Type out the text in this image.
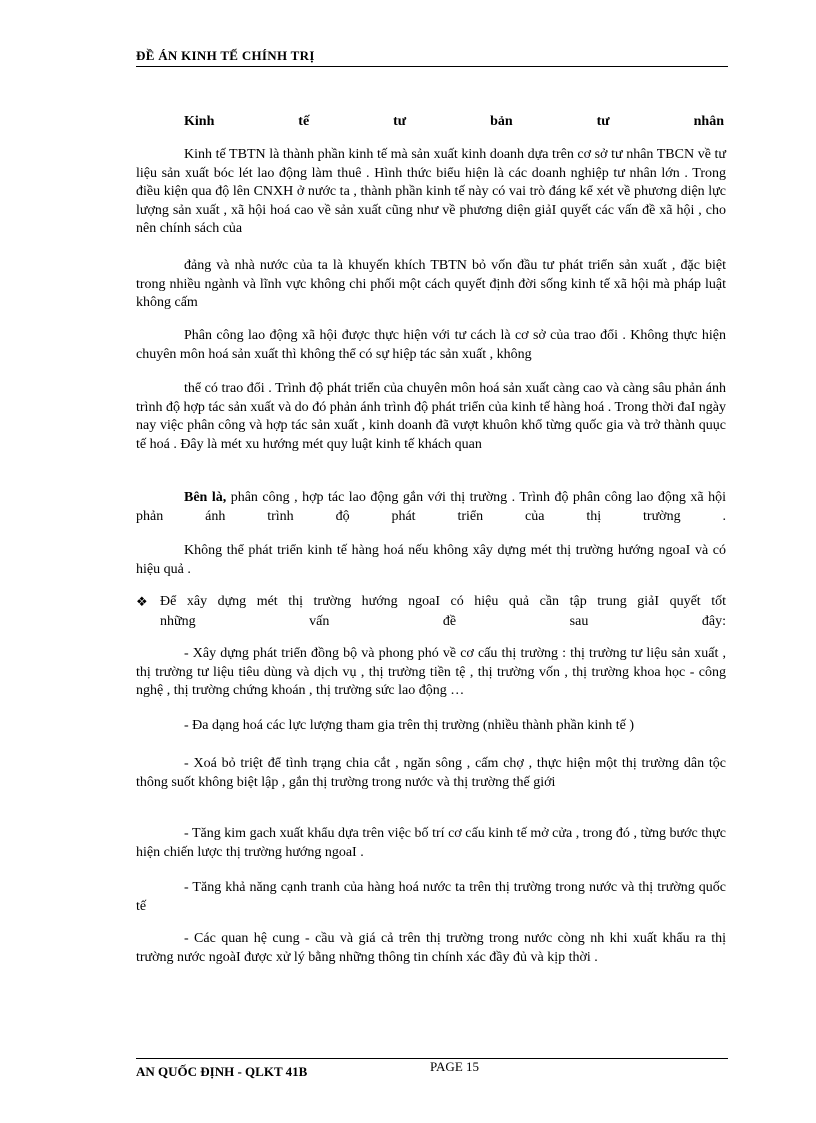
ĐỀ ÁN KINH TẾ CHÍNH TRỊ
Kinh tế tư bản tư nhân
Kinh tế TBTN là thành phần kinh tế mà sản xuất kinh doanh dựa trên cơ sở tư nhân TBCN về tư liệu sản xuất bóc lét lao động làm thuê . Hình thức biểu hiện là các doanh nghiệp tư nhân lớn . Trong điều kiện qua độ lên CNXH ở nước ta , thành phần kinh tế này có vai trò đáng kể xét về phương diện lực lượng sản xuất , xã hội hoá cao về sản xuất cũng như về phương diện giảI quyết các vấn đề xã hội , cho nên chính sách của
đảng và nhà nước của ta là khuyến khích TBTN bỏ vốn đầu tư phát triển sản xuất , đặc biệt trong nhiều ngành và lĩnh vực không chi phối một cách quyết định đời sống kinh tế xã hội mà pháp luật không cấm
Phân công lao động xã hội được thực hiện với tư cách là cơ sở của trao đổi . Không thực hiện chuyên môn hoá sản xuất thì không thể có sự hiệp tác sản xuất , không
thể có trao đổi . Trình độ phát triển của chuyên môn hoá sản xuất càng cao và càng sâu phản ánh trình độ hợp tác sản xuất và do đó phản ánh trình độ phát triển của kinh tế hàng hoá . Trong thời đaI ngày nay việc phân công và hợp tác sản xuất , kinh doanh đã vượt khuôn khổ từng quốc gia và trở thành quục tế hoá . Đây là mét xu hướng mét quy luật kinh tế khách quan
Bên là, phân công , hợp tác lao động gắn với thị trường . Trình độ phân công lao động xã hội phản ánh trình độ phát triển của thị trường .
Không thể phát triển kinh tế hàng hoá nếu không xây dựng mét thị trường hướng ngoaI và có hiệu quả .
❖ Để xây dựng mét thị trường hướng ngoaI có hiệu quả cần tập trung giảI quyết tốt
những vấn đề sau đây:
- Xây dựng phát triển đồng bộ và phong phó về cơ cấu thị trường : thị trường tư liệu sản xuất , thị trường tư liệu tiêu dùng và dịch vụ , thị trường tiền tệ , thị trường vốn , thị trường khoa học - công nghệ , thị trường chứng khoán , thị trường sức lao động …
- Đa dạng hoá các lực lượng tham gia trên thị trường (nhiều thành phần kinh tế )
- Xoá bỏ triệt để tình trạng chia cắt , ngăn sông , cấm chợ , thực hiện một thị trường dân tộc thông suốt không biệt lập , gắn thị trường trong nước và thị trường thế giới
- Tăng kim gach xuất khẩu dựa trên việc bố trí cơ cấu kinh tế mở cửa , trong đó , từng bước thực hiện chiến lược thị trường hướng ngoaI .
- Tăng khả năng cạnh tranh của hàng hoá nước ta trên thị trường trong nước và thị trường quốc tế
- Các quan hệ cung - cầu và giá cả trên thị trường trong nước còng nh khi xuất khẩu ra thị trường nước ngoàI được xử lý bằng những thông tin chính xác đầy đủ và kịp thời .
AN QUỐC ĐỊNH - QLKT 41B	PAGE 15
